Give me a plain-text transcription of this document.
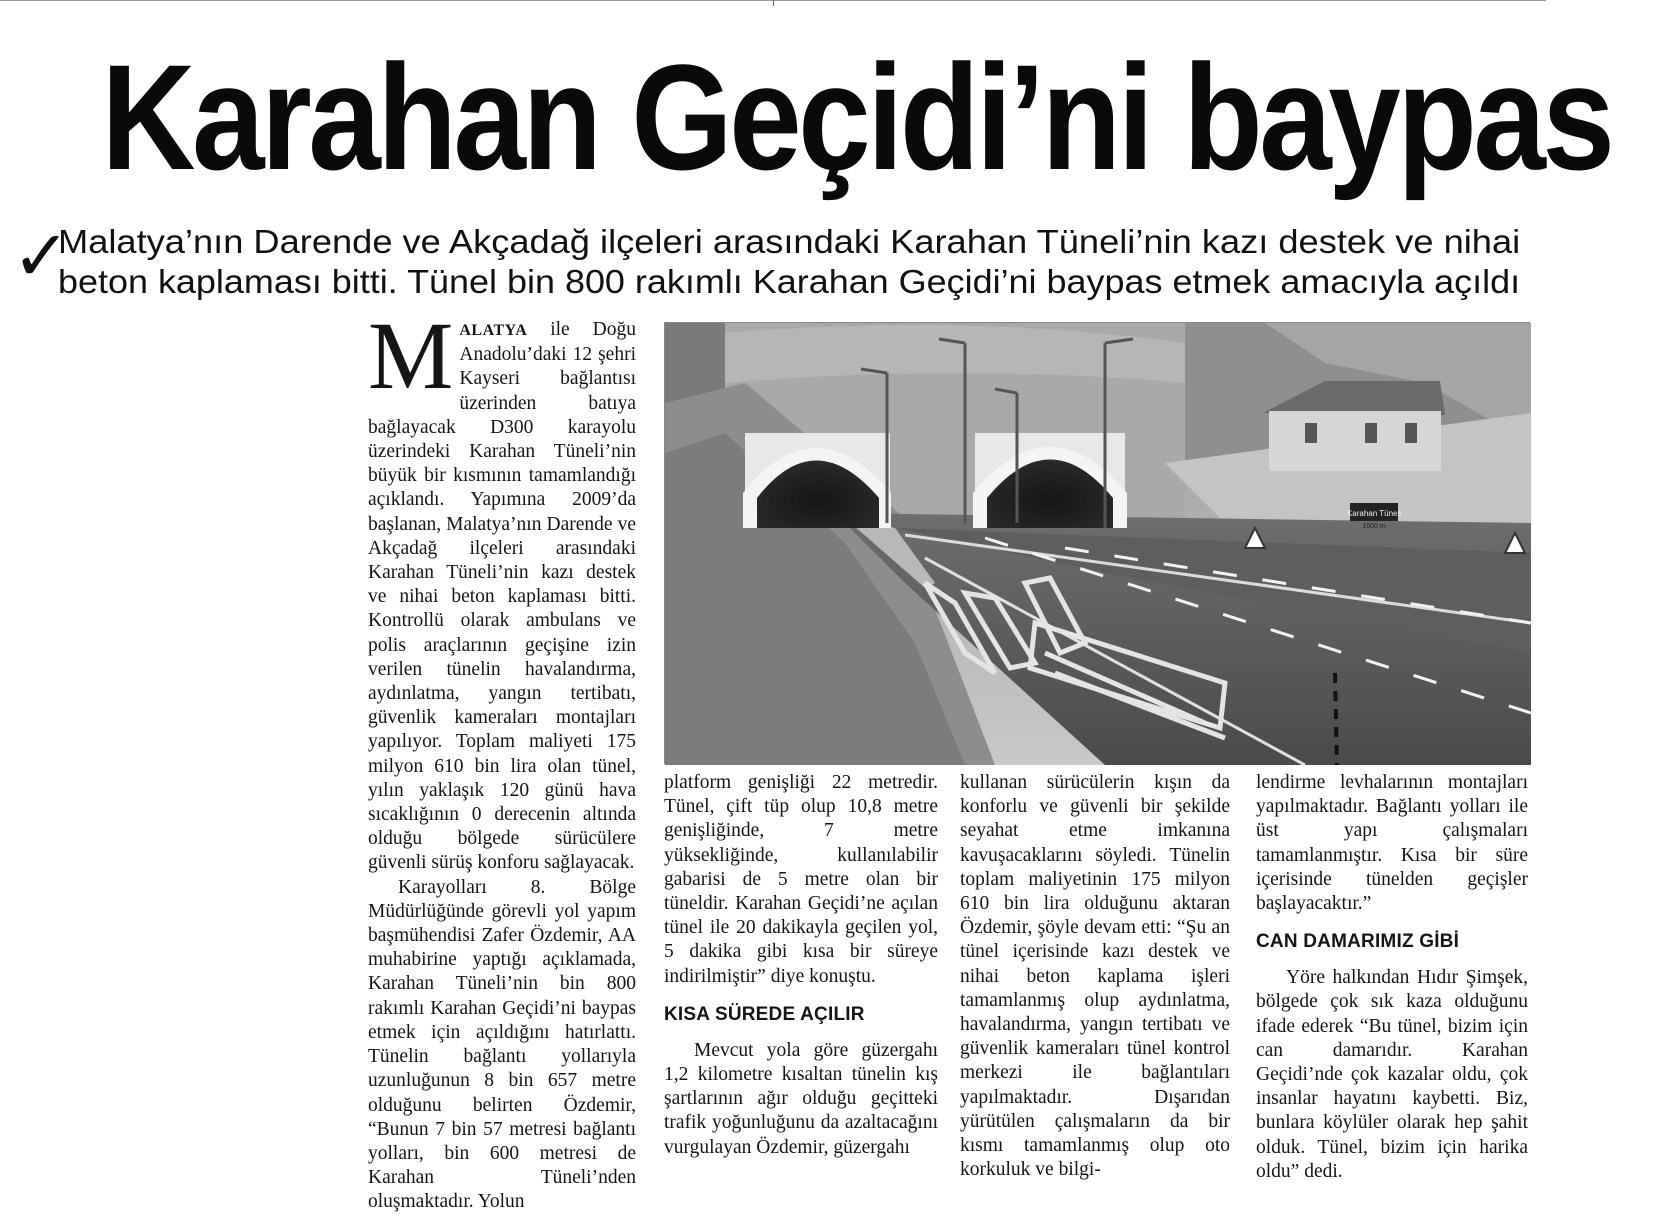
Karahan Geçidi’ni baypas
✓
Malatya’nın Darende ve Akçadağ ilçeleri arasındaki Karahan Tüneli’nin kazı destek ve nihai
beton kaplaması bitti. Tünel bin 800 rakımlı Karahan Geçidi’ni baypas etmek amacıyla açıldı

MALATYA ile Doğu Anadolu’daki 12 şehri Kayseri bağlantısı üzerinden batıya bağlayacak D300 karayolu üzerindeki Karahan Tüneli’nin büyük bir kısmının tamamlandığı açıklandı. Yapımına 2009’da başlanan, Malatya’nın Darende ve Akçadağ ilçeleri arasındaki Karahan Tüneli’nin kazı destek ve nihai beton kaplaması bitti. Kontrollü olarak ambulans ve polis araçlarının geçişine izin verilen tünelin havalandırma, aydınlatma, yangın tertibatı, güvenlik kameraları montajları yapılıyor. Toplam maliyeti 175 milyon 610 bin lira olan tünel, yılın yaklaşık 120 günü hava sıcaklığının 0 derecenin altında olduğu bölgede sürücülere güvenli sürüş konforu sağlayacak.

Karayolları 8. Bölge Müdürlüğünde görevli yol yapım başmühendisi Zafer Özdemir, AA muhabirine yaptığı açıklamada, Karahan Tüneli’nin bin 800 rakımlı Karahan Geçidi’ni baypas etmek için açıldığını hatırlattı. Tünelin bağlantı yollarıyla uzunluğunun 8 bin 657 metre olduğunu belirten Özdemir, “Bunun 7 bin 57 metresi bağlantı yolları, bin 600 metresi de Karahan Tüneli’nden oluşmaktadır. Yolun

Karahan Tüneli
1600 m

platform genişliği 22 metredir. Tünel, çift tüp olup 10,8 metre genişliğinde, 7 metre yüksekliğinde, kullanılabilir gabarisi de 5 metre olan bir tüneldir. Karahan Geçidi’ne açılan tünel ile 20 dakikayla geçilen yol, 5 dakika gibi kısa bir süreye indirilmiştir” diye konuştu.

KISA SÜREDE AÇILIR

Mevcut yola göre güzergahı 1,2 kilometre kısaltan tünelin kış şartlarının ağır olduğu geçitteki trafik yoğunluğunu da azaltacağını vurgulayan Özdemir, güzergahı

kullanan sürücülerin kışın da konforlu ve güvenli bir şekilde seyahat etme imkanına kavuşacaklarını söyledi. Tünelin toplam maliyetinin 175 milyon 610 bin lira olduğunu aktaran Özdemir, şöyle devam etti: “Şu an tünel içerisinde kazı destek ve nihai beton kaplama işleri tamamlanmış olup aydınlatma, havalandırma, yangın tertibatı ve güvenlik kameraları tünel kontrol merkezi ile bağlantıları yapılmaktadır. Dışarıdan yürütülen çalışmaların da bir kısmı tamamlanmış olup oto korkuluk ve bilgi-

lendirme levhalarının montajları yapılmaktadır. Bağlantı yolları ile üst yapı çalışmaları tamamlanmıştır. Kısa bir süre içerisinde tünelden geçişler başlayacaktır.”

CAN DAMARIMIZ GİBİ

Yöre halkından Hıdır Şimşek, bölgede çok sık kaza olduğunu ifade ederek “Bu tünel, bizim için can damarıdır. Karahan Geçidi’nde çok kazalar oldu, çok insanlar hayatını kaybetti. Biz, bunlara köylüler olarak hep şahit olduk. Tünel, bizim için harika oldu” dedi.
